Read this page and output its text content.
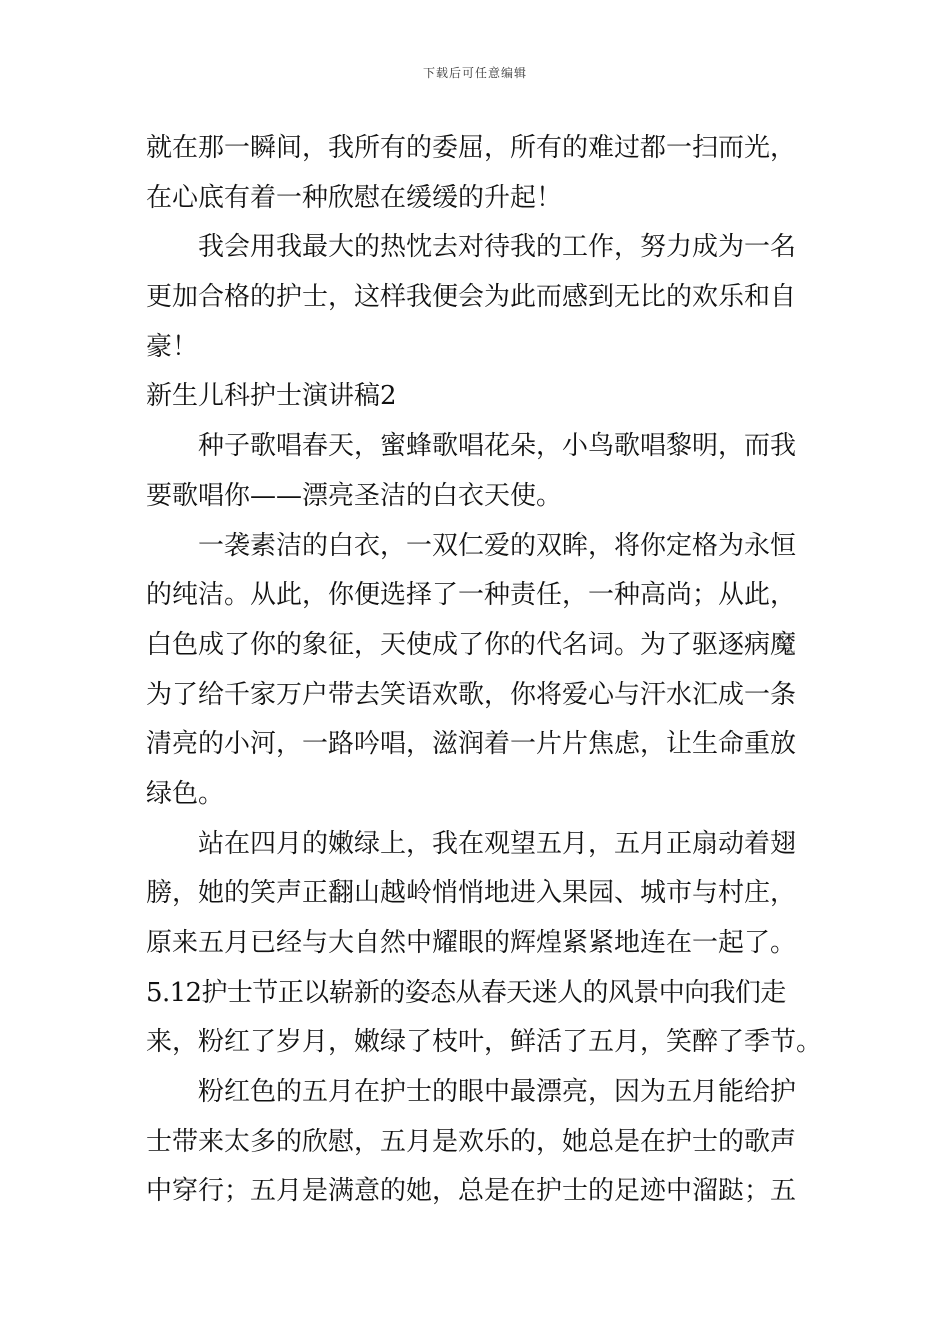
下载后可任意编辑
就在那一瞬间，我所有的委屈，所有的难过都一扫而光，
在心底有着一种欣慰在缓缓的升起！
我会用我最大的热忱去对待我的工作，努力成为一名
更加合格的护士，这样我便会为此而感到无比的欢乐和自
豪！
新生儿科护士演讲稿2
种子歌唱春天，蜜蜂歌唱花朵，小鸟歌唱黎明，而我
要歌唱你——漂亮圣洁的白衣天使。
一袭素洁的白衣，一双仁爱的双眸，将你定格为永恒
的纯洁。从此，你便选择了一种责任，一种高尚；从此，
白色成了你的象征，天使成了你的代名词。为了驱逐病魔
为了给千家万户带去笑语欢歌，你将爱心与汗水汇成一条
清亮的小河，一路吟唱，滋润着一片片焦虑，让生命重放
绿色。
站在四月的嫩绿上，我在观望五月，五月正扇动着翅
膀，她的笑声正翻山越岭悄悄地进入果园、城市与村庄，
原来五月已经与大自然中耀眼的辉煌紧紧地连在一起了。
5.12护士节正以崭新的姿态从春天迷人的风景中向我们走
来，粉红了岁月，嫩绿了枝叶，鲜活了五月，笑醉了季节。
粉红色的五月在护士的眼中最漂亮，因为五月能给护
士带来太多的欣慰，五月是欢乐的，她总是在护士的歌声
中穿行；五月是满意的她，总是在护士的足迹中溜跶；五
